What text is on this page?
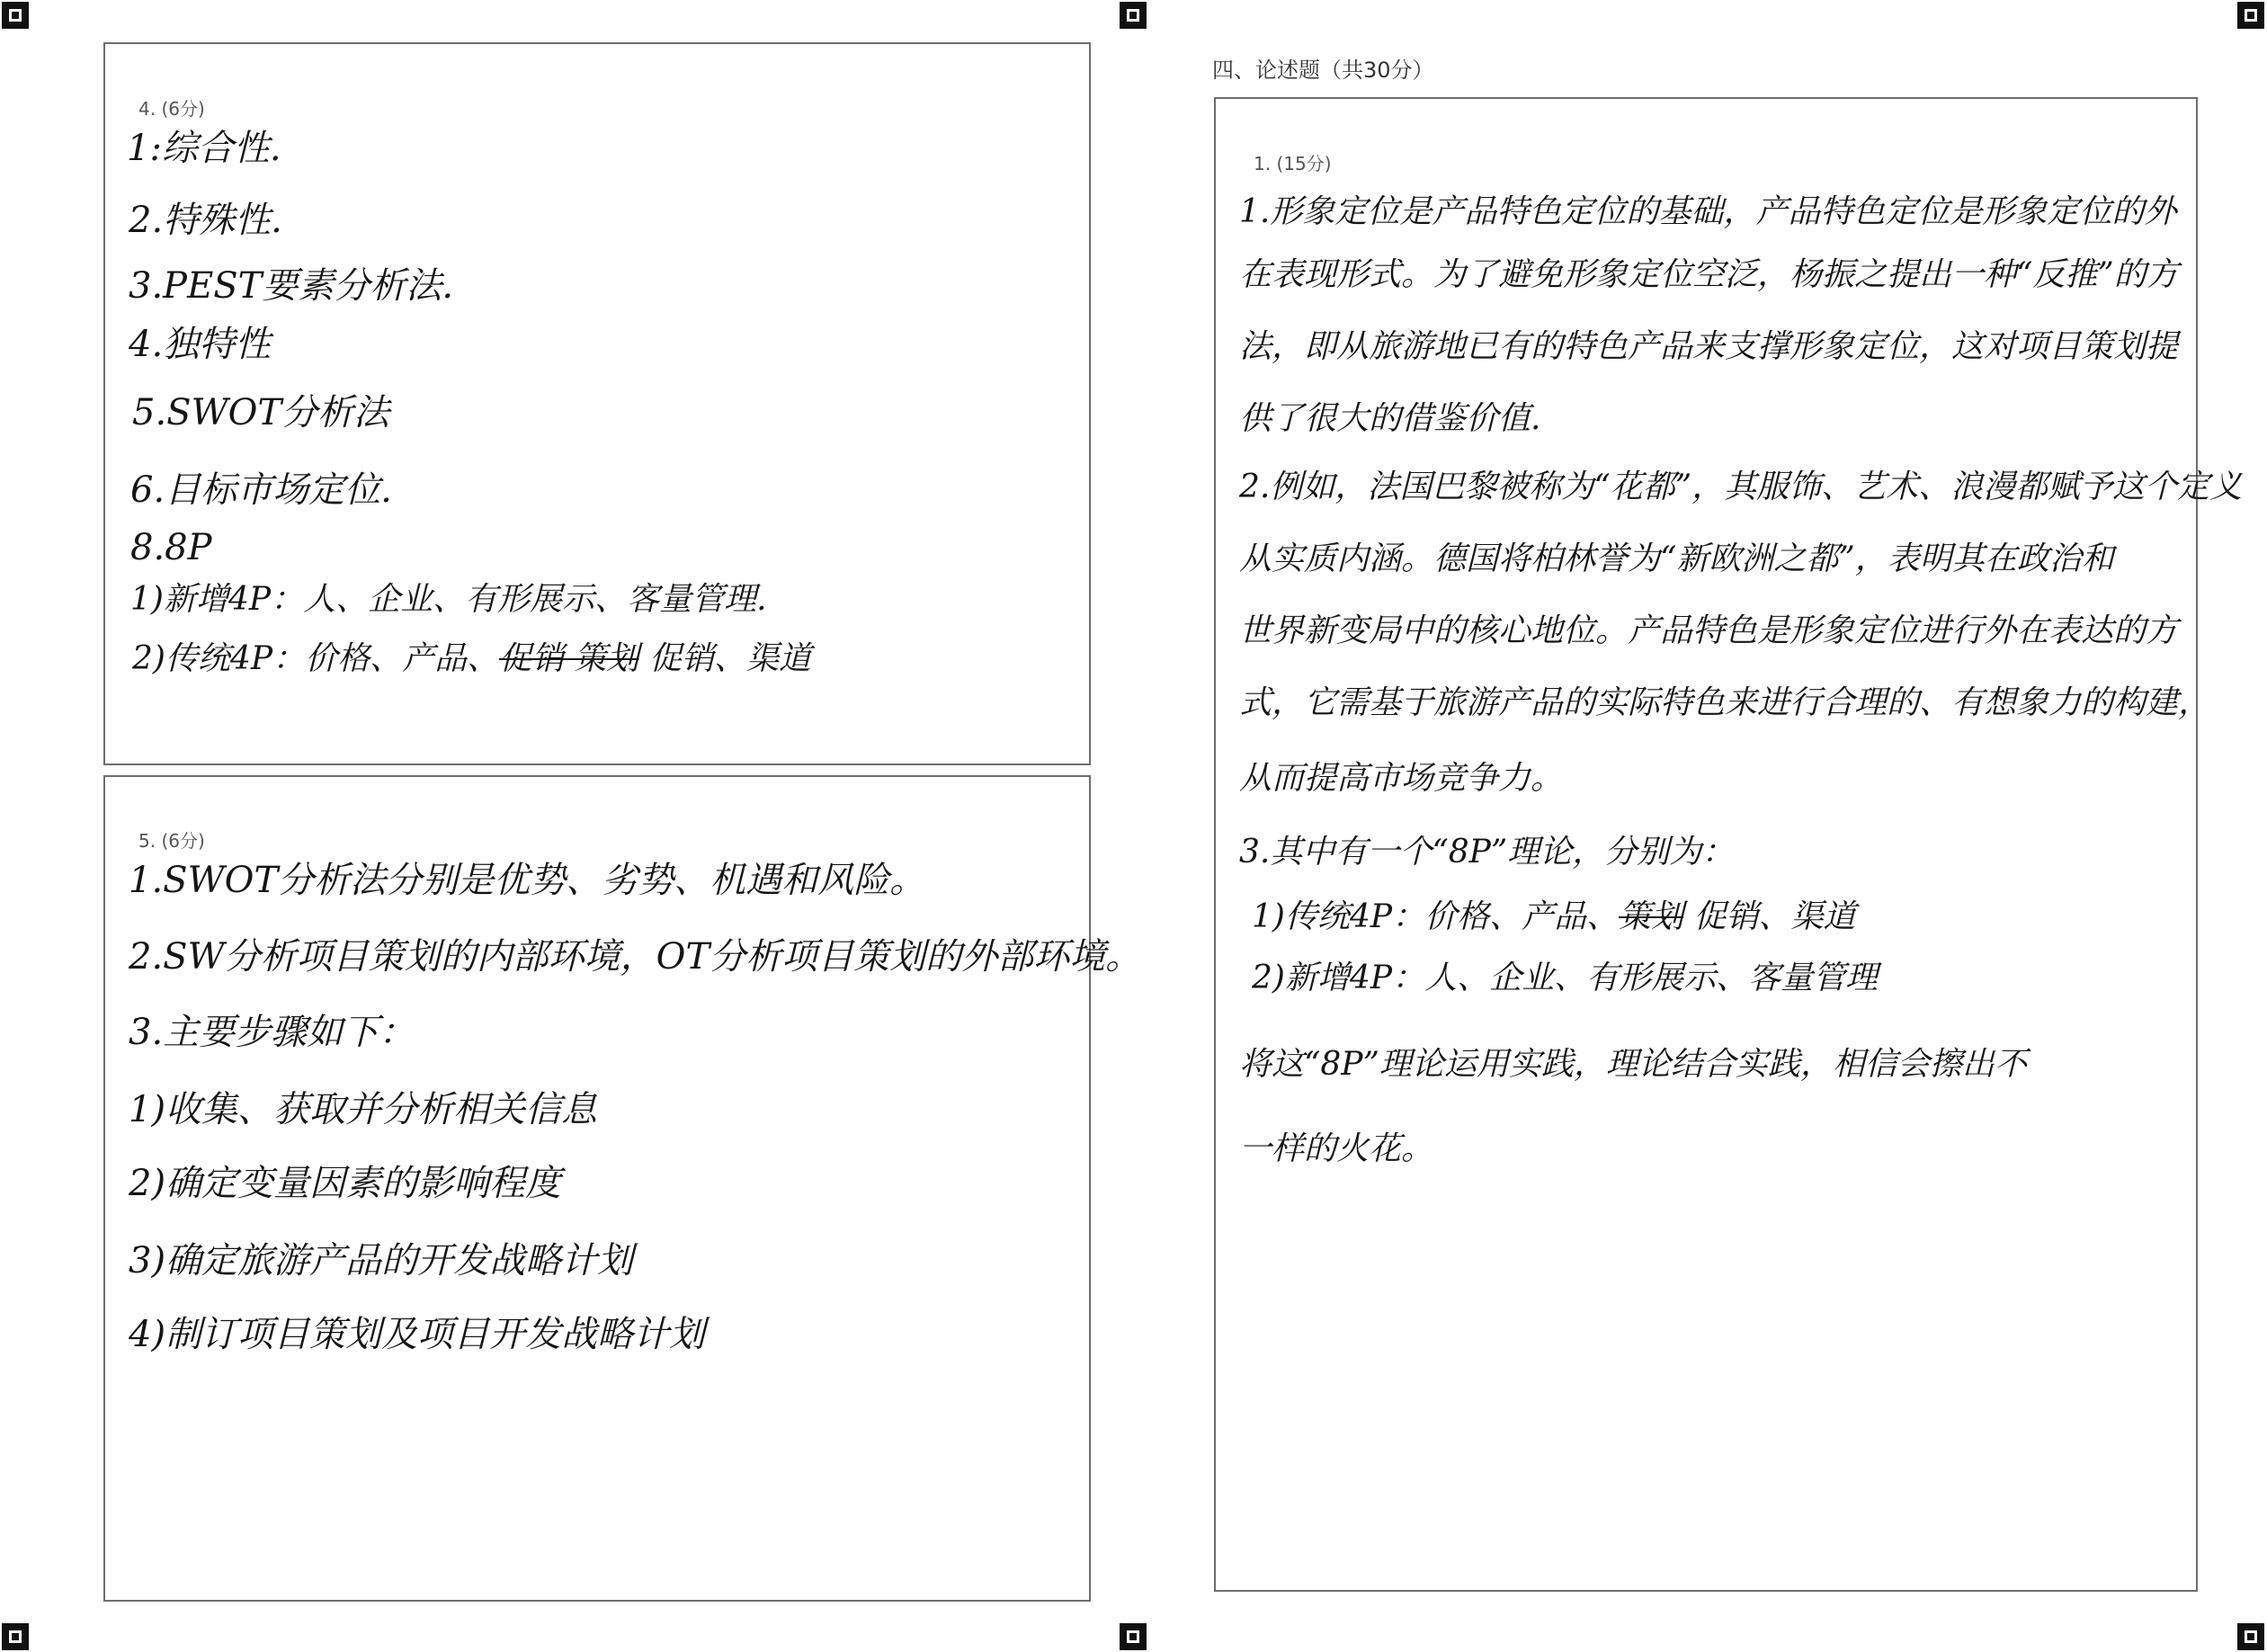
4. (6分)
1:综合性.
2.特殊性.
3.PEST要素分析法.
4.独特性
5.SWOT分析法
6.目标市场定位.
8.8P
1)新增4P：人、企业、有形展示、客量管理.
2)传统4P：价格、产品、促销 策划 促销、渠道
5. (6分)
1.SWOT分析法分别是优势、劣势、机遇和风险。
2.SW分析项目策划的内部环境，OT分析项目策划的外部环境。
3.主要步骤如下：
1)收集、获取并分析相关信息
2)确定变量因素的影响程度
3)确定旅游产品的开发战略计划
4)制订项目策划及项目开发战略计划
四、论述题（共30分）
1. (15分)
1.形象定位是产品特色定位的基础，产品特色定位是形象定位的外
在表现形式。为了避免形象定位空泛，杨振之提出一种“反推”的方
法，即从旅游地已有的特色产品来支撑形象定位，这对项目策划提
供了很大的借鉴价值.
2.例如，法国巴黎被称为“花都”，其服饰、艺术、浪漫都赋予这个定义
从实质内涵。德国将柏林誉为“新欧洲之都”，表明其在政治和
世界新变局中的核心地位。产品特色是形象定位进行外在表达的方
式，它需基于旅游产品的实际特色来进行合理的、有想象力的构建，
从而提高市场竞争力。
3.其中有一个“8P”理论，分别为：
1)传统4P：价格、产品、策划 促销、渠道
2)新增4P：人、企业、有形展示、客量管理
将这“8P”理论运用实践，理论结合实践，相信会擦出不
一样的火花。
